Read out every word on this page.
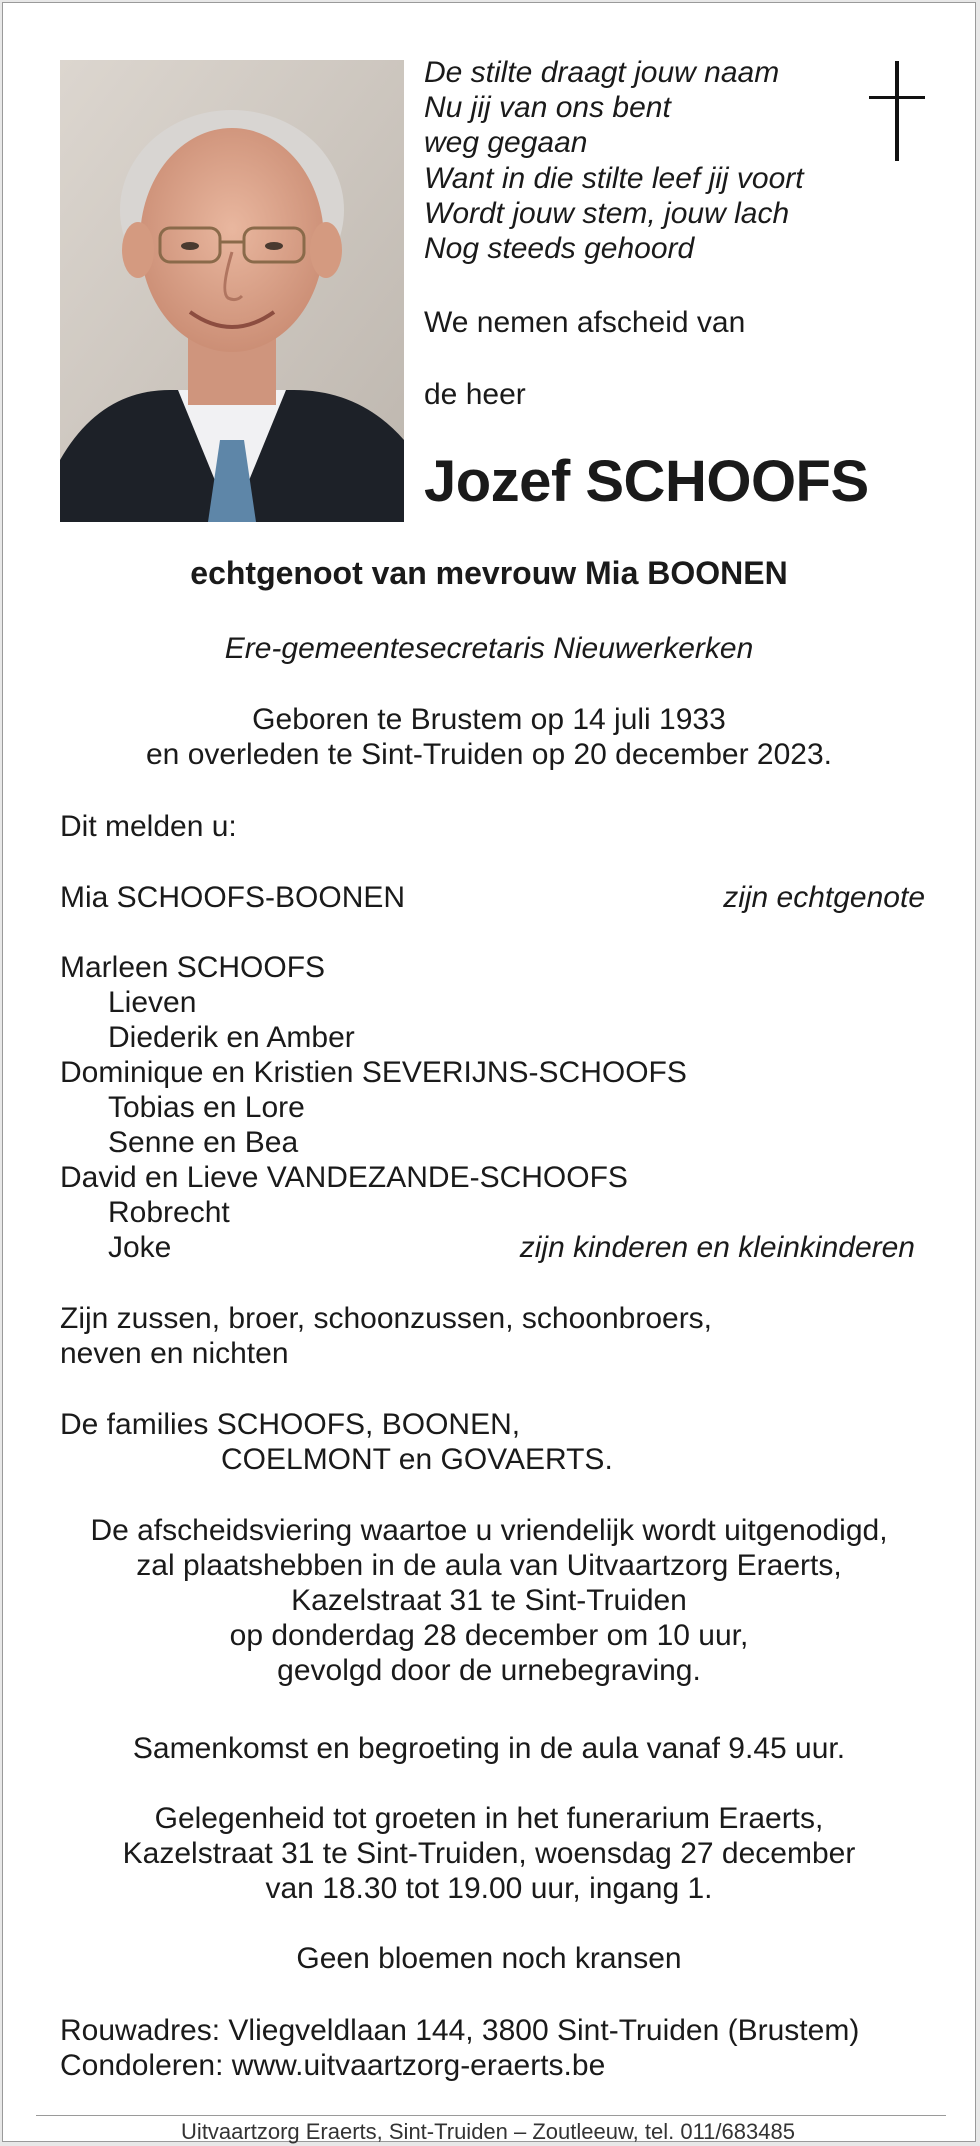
De stilte draagt jouw naam
Nu jij van ons bent
weg gegaan
Want in die stilte leef jij voort
Wordt jouw stem, jouw lach
Nog steeds gehoord
We nemen afscheid van
de heer
Jozef SCHOOFS
echtgenoot van mevrouw Mia BOONEN
Ere-gemeentesecretaris Nieuwerkerken
Geboren te Brustem op 14 juli 1933
en overleden te Sint-Truiden op 20 december 2023.
Dit melden u:
Mia SCHOOFS-BOONEN	zijn echtgenote
Marleen SCHOOFS
Lieven
Diederik en Amber
Dominique en Kristien SEVERIJNS-SCHOOFS
Tobias en Lore
Senne en Bea
David en Lieve VANDEZANDE-SCHOOFS
Robrecht
Joke	zijn kinderen en kleinkinderen
Zijn zussen, broer, schoonzussen, schoonbroers,
neven en nichten
De families SCHOOFS, BOONEN,
COELMONT en GOVAERTS.
De afscheidsviering waartoe u vriendelijk wordt uitgenodigd,
zal plaatshebben in de aula van Uitvaartzorg Eraerts,
Kazelstraat 31 te Sint-Truiden
op donderdag 28 december om 10 uur,
gevolgd door de urnebegraving.
Samenkomst en begroeting in de aula vanaf 9.45 uur.
Gelegenheid tot groeten in het funerarium Eraerts,
Kazelstraat 31 te Sint-Truiden, woensdag 27 december
van 18.30 tot 19.00 uur, ingang 1.
Geen bloemen noch kransen
Rouwadres: Vliegveldlaan 144, 3800 Sint-Truiden (Brustem)
Condoleren: www.uitvaartzorg-eraerts.be
Uitvaartzorg Eraerts, Sint-Truiden – Zoutleeuw, tel. 011/683485
